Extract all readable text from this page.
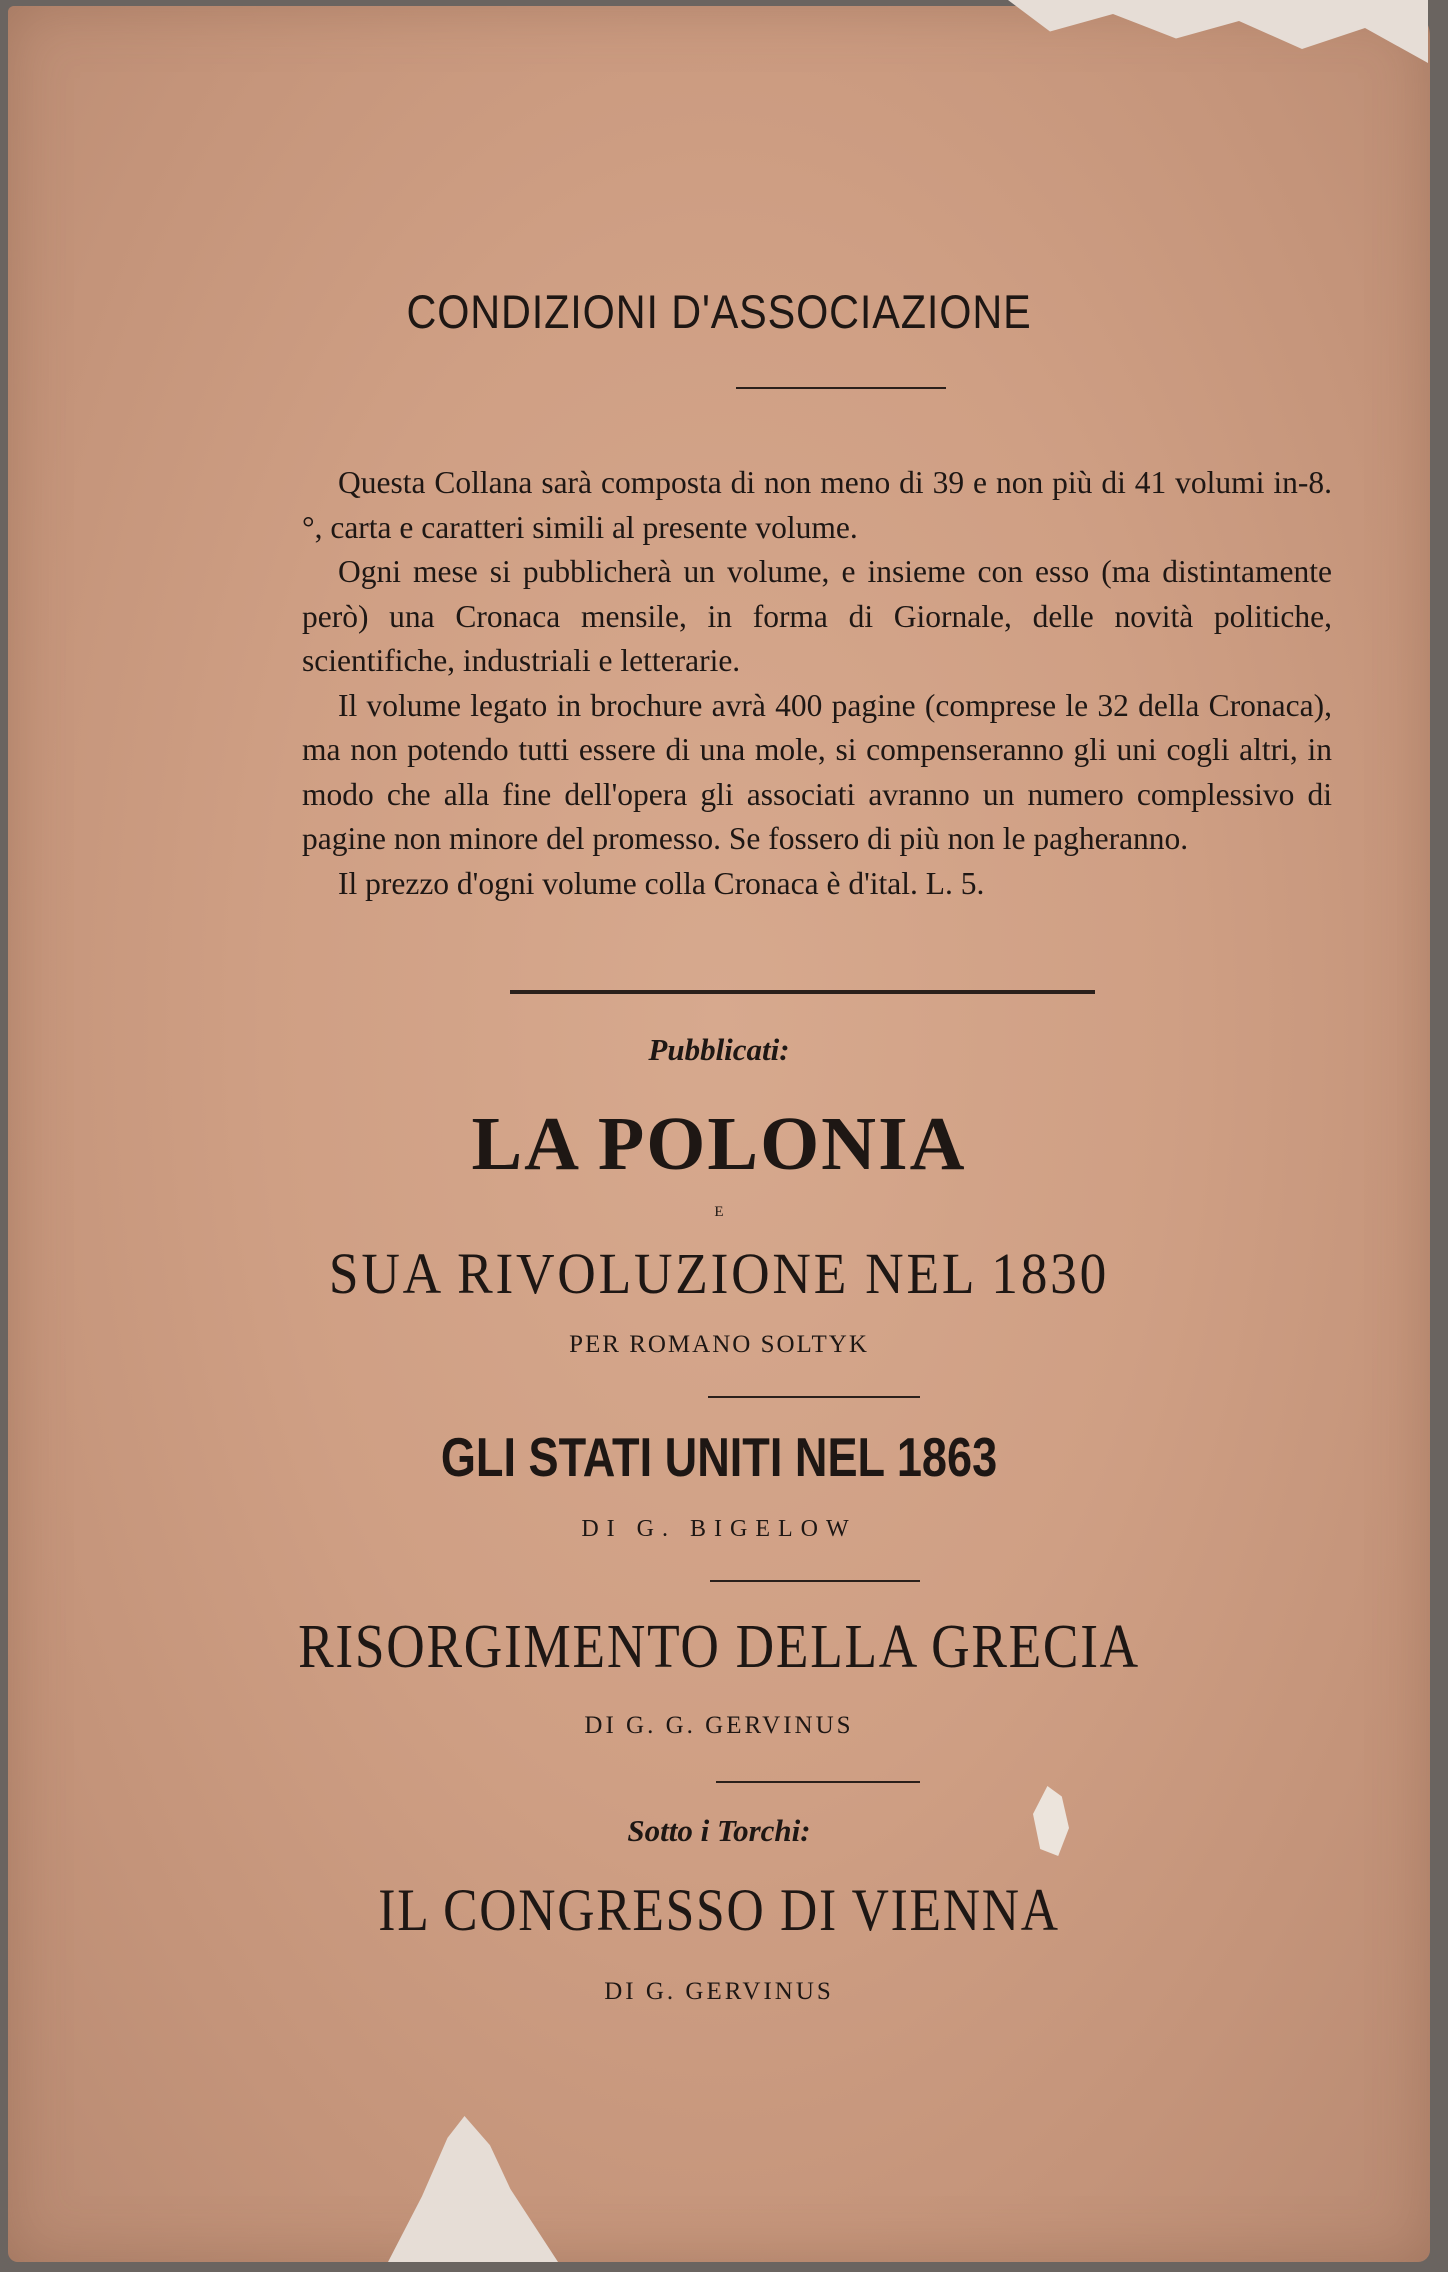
CONDIZIONI D'ASSOCIAZIONE

Questa Collana sarà composta di non meno di 39 e non più di 41 volumi in-8.°, carta e caratteri simili al presente volume.

Ogni mese si pubblicherà un volume, e insieme con esso (ma distintamente però) una Cronaca mensile, in forma di Giornale, delle novità politiche, scientifiche, industriali e letterarie.

Il volume legato in brochure avrà 400 pagine (comprese le 32 della Cronaca), ma non potendo tutti essere di una mole, si compenseranno gli uni cogli altri, in modo che alla fine dell'opera gli associati avranno un numero complessivo di pagine non minore del promesso. Se fossero di più non le pagheranno.

Il prezzo d'ogni volume colla Cronaca è d'ital. L. 5.

Pubblicati:
LA POLONIA
E
SUA RIVOLUZIONE NEL 1830
PER ROMANO SOLTYK
GLI STATI UNITI NEL 1863
DI G. BIGELOW
RISORGIMENTO DELLA GRECIA
DI G. G. GERVINUS
Sotto i Torchi:
IL CONGRESSO DI VIENNA
DI G. GERVINUS
